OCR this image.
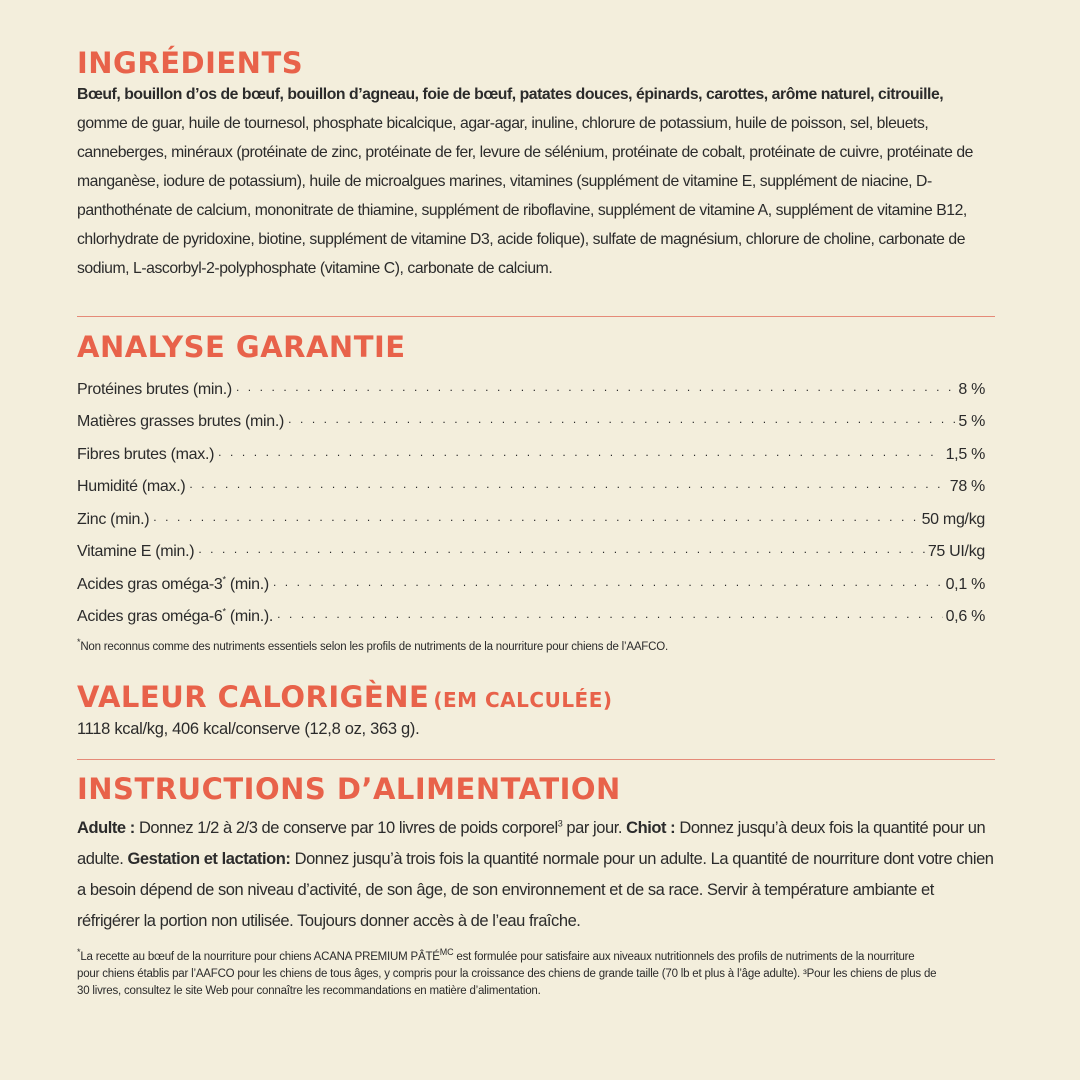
INGRÉDIENTS
Bœuf, bouillon d’os de bœuf, bouillon d’agneau, foie de bœuf, patates douces, épinards, carottes, arôme naturel, citrouille, gomme de guar, huile de tournesol, phosphate bicalcique, agar-agar, inuline, chlorure de potassium, huile de poisson, sel, bleuets, canneberges, minéraux (protéinate de zinc, protéinate de fer, levure de sélénium, protéinate de cobalt, protéinate de cuivre, protéinate de manganèse, iodure de potassium), huile de microalgues marines, vitamines (supplément de vitamine E, supplément de niacine, D-panthothénate de calcium, mononitrate de thiamine, supplément de riboflavine, supplément de vitamine A, supplément de vitamine B12, chlorhydrate de pyridoxine, biotine, supplément de vitamine D3, acide folique), sulfate de magnésium, chlorure de choline, carbonate de sodium, L-ascorbyl-2-polyphosphate (vitamine C), carbonate de calcium.
ANALYSE GARANTIE
Protéines brutes (min.) . . .	8 %
Matières grasses brutes (min.) . . .	5 %
Fibres brutes (max.) . . .	1,5 %
Humidité (max.) . . .	78 %
Zinc (min.) . . .	50 mg/kg
Vitamine E (min.) . . .	75 UI/kg
Acides gras oméga-3* (min.) . . .	0,1 %
Acides gras oméga-6* (min.). . . .	0,6 %
*Non reconnus comme des nutriments essentiels selon les profils de nutriments de la nourriture pour chiens de l’AAFCO.
VALEUR CALORIGÈNE (EM CALCULÉE)
1118 kcal/kg, 406 kcal/conserve (12,8 oz, 363 g).
INSTRUCTIONS D’ALIMENTATION
Adulte : Donnez 1/2 à 2/3 de conserve par 10 livres de poids corporel$^3$ par jour. Chiot : Donnez jusqu’à deux fois la quantité pour un adulte. Gestation et lactation: Donnez jusqu’à trois fois la quantité normale pour un adulte. La quantité de nourriture dont votre chien a besoin dépend de son niveau d’activité, de son âge, de son environnement et de sa race. Servir à température ambiante et réfrigérer la portion non utilisée. Toujours donner accès à de l’eau fraîche.
*La recette au bœuf de la nourriture pour chiens ACANA PREMIUM $PÂTÉ^{MC}$ est formulée pour satisfaire aux niveaux nutritionnels des profils de nutriments de la nourriture pour chiens établis par l’AAFCO pour les chiens de tous âges, y compris pour la croissance des chiens de grande taille (70 lb et plus à l’âge adulte). ³Pour les chiens de plus de 30 livres, consultez le site Web pour connaître les recommandations en matière d’alimentation.
